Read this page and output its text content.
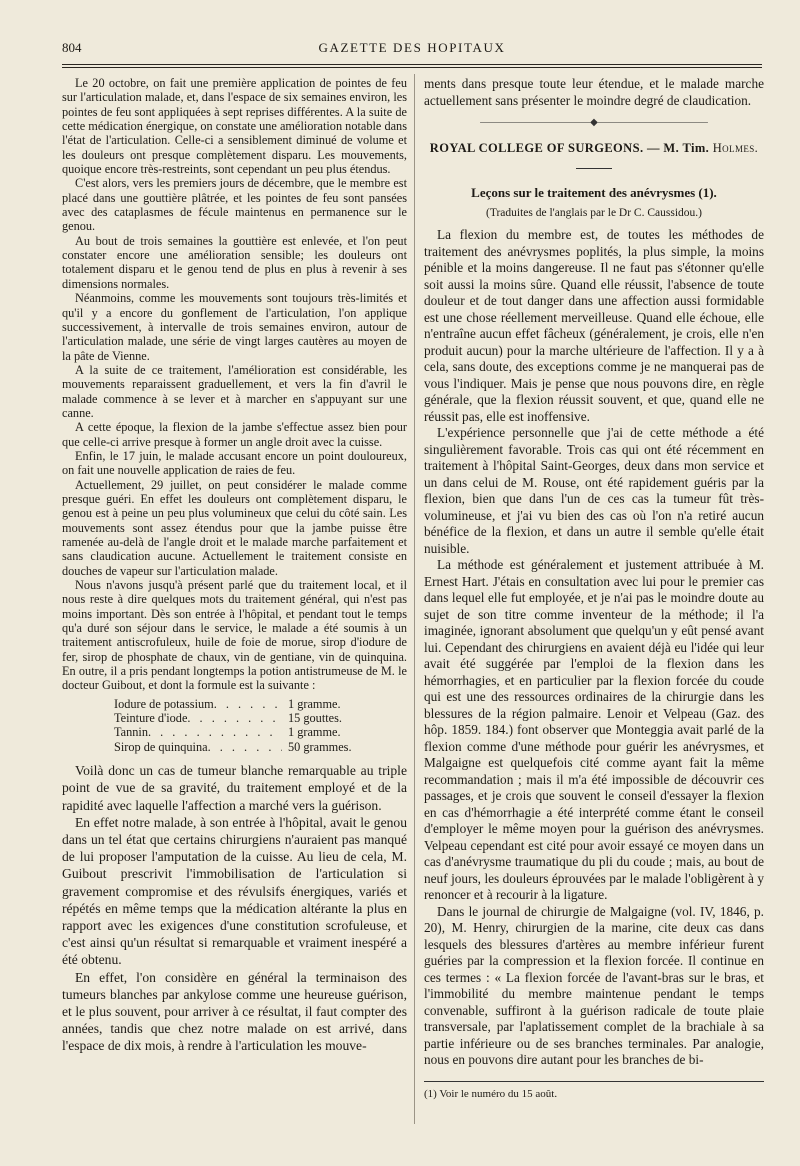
804	GAZETTE DES HOPITAUX

Le 20 octobre, on fait une première application de pointes de feu sur l'articulation malade, et, dans l'espace de six semaines environ, les pointes de feu sont appliquées à sept reprises différentes. A la suite de cette médication énergique, on constate une amélioration notable dans l'état de l'articulation. Celle-ci a sensiblement diminué de volume et les douleurs ont presque complètement disparu. Les mouvements, quoique encore très-restreints, sont cependant un peu plus étendus.

C'est alors, vers les premiers jours de décembre, que le membre est placé dans une gouttière plâtrée, et les pointes de feu sont pansées avec des cataplasmes de fécule maintenus en permanence sur le genou.

Au bout de trois semaines la gouttière est enlevée, et l'on peut constater encore une amélioration sensible; les douleurs ont totalement disparu et le genou tend de plus en plus à revenir à ses dimensions normales.

Néanmoins, comme les mouvements sont toujours très-limités et qu'il y a encore du gonflement de l'articulation, l'on applique successivement, à intervalle de trois semaines environ, autour de l'articulation malade, une série de vingt larges cautères au moyen de la pâte de Vienne.

A la suite de ce traitement, l'amélioration est considérable, les mouvements reparaissent graduellement, et vers la fin d'avril le malade commence à se lever et à marcher en s'appuyant sur une canne.

A cette époque, la flexion de la jambe s'effectue assez bien pour que celle-ci arrive presque à former un angle droit avec la cuisse.

Enfin, le 17 juin, le malade accusant encore un point douloureux, on fait une nouvelle application de raies de feu.

Actuellement, 29 juillet, on peut considérer le malade comme presque guéri. En effet les douleurs ont complètement disparu, le genou est à peine un peu plus volumineux que celui du côté sain. Les mouvements sont assez étendus pour que la jambe puisse être ramenée au-delà de l'angle droit et le malade marche parfaitement et sans claudication aucune. Actuellement le traitement consiste en douches de vapeur sur l'articulation malade.

Nous n'avons jusqu'à présent parlé que du traitement local, et il nous reste à dire quelques mots du traitement général, qui n'est pas moins important. Dès son entrée à l'hôpital, et pendant tout le temps qu'a duré son séjour dans le service, le malade a été soumis à un traitement antiscrofuleux, huile de foie de morue, sirop d'iodure de fer, sirop de phosphate de chaux, vin de gentiane, vin de quinquina. En outre, il a pris pendant longtemps la potion antistrumeuse de M. le docteur Guibout, et dont la formule est la suivante :

Iodure de potassium . . .	1 gramme.
Teinture d'iode . . .	15 gouttes.
Tannin . . .	1 gramme.
Sirop de quinquina . . .	50 grammes.

Voilà donc un cas de tumeur blanche remarquable au triple point de vue de sa gravité, du traitement employé et de la rapidité avec laquelle l'affection a marché vers la guérison.

En effet notre malade, à son entrée à l'hôpital, avait le genou dans un tel état que certains chirurgiens n'auraient pas manqué de lui proposer l'amputation de la cuisse. Au lieu de cela, M. Guibout prescrivit l'immobilisation de l'articulation si gravement compromise et des révulsifs énergiques, variés et répétés en même temps que la médication altérante la plus en rapport avec les exigences d'une constitution scrofuleuse, et c'est ainsi qu'un résultat si remarquable et vraiment inespéré a été obtenu.

En effet, l'on considère en général la terminaison des tumeurs blanches par ankylose comme une heureuse guérison, et le plus souvent, pour arriver à ce résultat, il faut compter des années, tandis que chez notre malade on est arrivé, dans l'espace de dix mois, à rendre à l'articulation les mouve-

ments dans presque toute leur étendue, et le malade marche actuellement sans présenter le moindre degré de claudication.

———————————◆———————————
ROYAL COLLEGE OF SURGEONS. — M. Tim. Holmes.
Leçons sur le traitement des anévrysmes (1).
(Traduites de l'anglais par le Dr C. Caussidou.)

La flexion du membre est, de toutes les méthodes de traitement des anévrysmes poplités, la plus simple, la moins pénible et la moins dangereuse. Il ne faut pas s'étonner qu'elle soit aussi la moins sûre. Quand elle réussit, l'absence de toute douleur et de tout danger dans une affection aussi formidable est une chose réellement merveilleuse. Quand elle échoue, elle n'entraîne aucun effet fâcheux (généralement, je crois, elle n'en produit aucun) pour la marche ultérieure de l'affection. Il y a à cela, sans doute, des exceptions comme je ne manquerai pas de vous l'indiquer. Mais je pense que nous pouvons dire, en règle générale, que la flexion réussit souvent, et que, quand elle ne réussit pas, elle est inoffensive.

L'expérience personnelle que j'ai de cette méthode a été singulièrement favorable. Trois cas qui ont été récemment en traitement à l'hôpital Saint-Georges, deux dans mon service et un dans celui de M. Rouse, ont été rapidement guéris par la flexion, bien que dans l'un de ces cas la tumeur fût très-volumineuse, et j'ai vu bien des cas où l'on n'a retiré aucun bénéfice de la flexion, et dans un autre il semble qu'elle était nuisible.

La méthode est généralement et justement attribuée à M. Ernest Hart. J'étais en consultation avec lui pour le premier cas dans lequel elle fut employée, et je n'ai pas le moindre doute au sujet de son titre comme inventeur de la méthode; il l'a imaginée, ignorant absolument que quelqu'un y eût pensé avant lui. Cependant des chirurgiens en avaient déjà eu l'idée qui leur avait été suggérée par l'emploi de la flexion dans les hémorrhagies, et en particulier par la flexion forcée du coude qui est une des ressources ordinaires de la chirurgie dans les blessures de la région palmaire. Lenoir et Velpeau (Gaz. des hôp. 1859. 184.) font observer que Monteggia avait parlé de la flexion comme d'une méthode pour guérir les anévrysmes, et Malgaigne est quelquefois cité comme ayant fait la même recommandation ; mais il m'a été impossible de découvrir ces passages, et je crois que souvent le conseil d'essayer la flexion en cas d'hémorrhagie a été interprété comme étant le conseil d'employer le même moyen pour la guérison des anévrysmes. Velpeau cependant est cité pour avoir essayé ce moyen dans un cas d'anévrysme traumatique du pli du coude ; mais, au bout de neuf jours, les douleurs éprouvées par le malade l'obligèrent à y renoncer et à recourir à la ligature.

Dans le journal de chirurgie de Malgaigne (vol. IV, 1846, p. 20), M. Henry, chirurgien de la marine, cite deux cas dans lesquels des blessures d'artères au membre inférieur furent guéries par la compression et la flexion forcée. Il continue en ces termes : « La flexion forcée de l'avant-bras sur le bras, et l'immobilité du membre maintenue pendant le temps convenable, suffiront à la guérison radicale de toute plaie transversale, par l'aplatissement complet de la brachiale à sa partie inférieure ou de ses branches terminales. Par analogie, nous en pouvons dire autant pour les branches de bi-

(1) Voir le numéro du 15 août.
